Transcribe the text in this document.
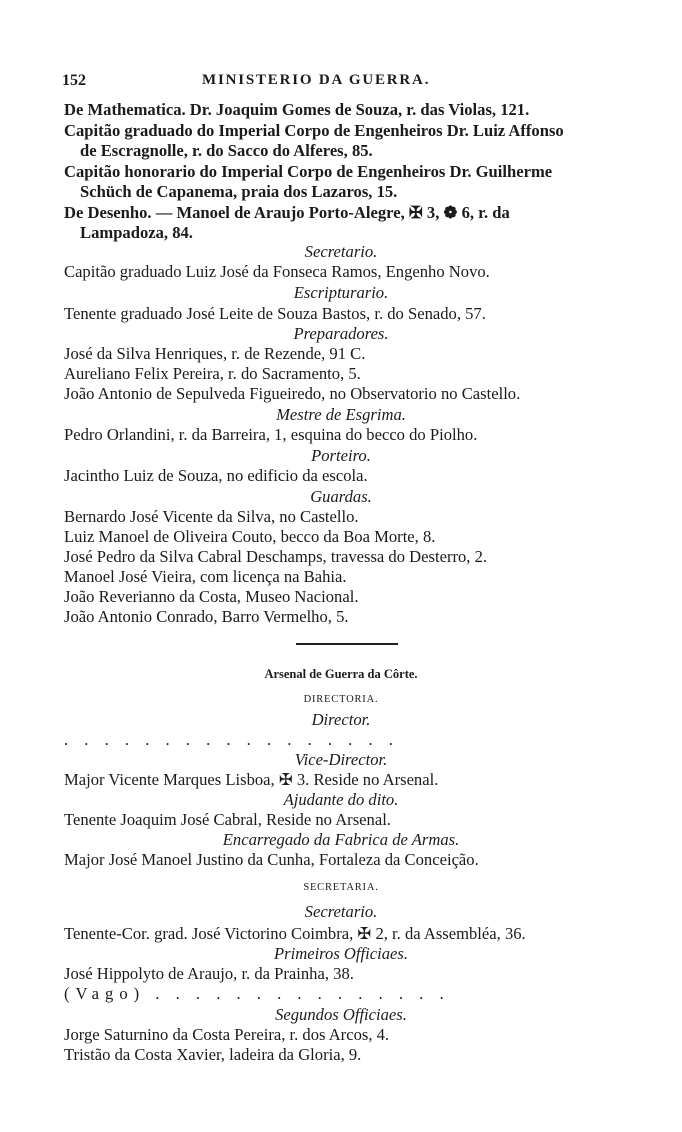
152	MINISTERIO DA GUERRA.
De Mathematica. Dr. Joaquim Gomes de Souza, r. das Violas, 121.
Capitão graduado do Imperial Corpo de Engenheiros Dr. Luiz Affonso
de Escragnolle, r. do Sacco do Alferes, 85.
Capitão honorario do Imperial Corpo de Engenheiros Dr. Guilherme
Schüch de Capanema, praia dos Lazaros, 15.
De Desenho. — Manoel de Araujo Porto-Alegre, ✠ 3, ❁ 6, r. da
Lampadoza, 84.
Secretario.
Capitão graduado Luiz José da Fonseca Ramos, Engenho Novo.
Escripturario.
Tenente graduado José Leite de Souza Bastos, r. do Senado, 57.
Preparadores.
José da Silva Henriques, r. de Rezende, 91 C.
Aureliano Felix Pereira, r. do Sacramento, 5.
João Antonio de Sepulveda Figueiredo, no Observatorio no Castello.
Mestre de Esgrima.
Pedro Orlandini, r. da Barreira, 1, esquina do becco do Piolho.
Porteiro.
Jacintho Luiz de Souza, no edificio da escola.
Guardas.
Bernardo José Vicente da Silva, no Castello.
Luiz Manoel de Oliveira Couto, becco da Boa Morte, 8.
José Pedro da Silva Cabral Deschamps, travessa do Desterro, 2.
Manoel José Vieira, com licença na Bahia.
João Reverianno da Costa, Museo Nacional.
João Antonio Conrado, Barro Vermelho, 5.
Arsenal de Guerra da Côrte.
DIRECTORIA.
Director.
. . . . . . . . . . . . . . . . .
Vice-Director.
Major Vicente Marques Lisboa, ✠ 3. Reside no Arsenal.
Ajudante do dito.
Tenente Joaquim José Cabral, Reside no Arsenal.
Encarregado da Fabrica de Armas.
Major José Manoel Justino da Cunha, Fortaleza da Conceição.
SECRETARIA.
Secretario.
Tenente-Cor. grad. José Victorino Coimbra, ✠ 2, r. da Assembléa, 36.
Primeiros Officiaes.
José Hippolyto de Araujo, r. da Prainha, 38.
(Vago) . . . . . . . . . . . . . . .
Segundos Officiaes.
Jorge Saturnino da Costa Pereira, r. dos Arcos, 4.
Tristão da Costa Xavier, ladeira da Gloria, 9.
